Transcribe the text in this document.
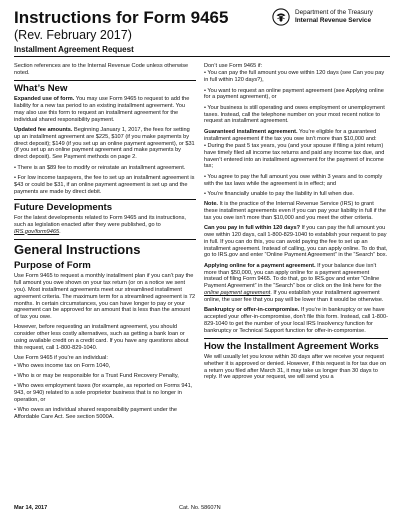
Instructions for Form 9465
(Rev. February 2017)
Installment Agreement Request
Department of the Treasury
Internal Revenue Service

Section references are to the Internal Revenue Code unless otherwise noted.

What’s New

Expanded use of form. You may use Form 9465 to request to add the liability for a new tax period to an existing installment agreement. You may also use this form to request an installment agreement for the individual shared responsibility payment.

Updated fee amounts. Beginning January 1, 2017, the fees for setting up an installment agreement are $225, $107 (if you make payments by direct deposit); $149 (if you set up an online payment agreement), or $31 (if you set up an online payment agreement and make payments by direct deposit). See Payment methods on page 2.

• There is an $89 fee to modify or reinstate an installment agreement.

• For low income taxpayers, the fee to set up an installment agreement is $43 or could be $31, if an online payment agreement is set up and the payments are made by direct debit.

Future Developments

For the latest developments related to Form 9465 and its instructions, such as legislation enacted after they were published, go to IRS.gov/form9465.

General Instructions
Purpose of Form

Use Form 9465 to request a monthly installment plan if you can’t pay the full amount you owe shown on your tax return (or on a notice we sent you). Most installment agreements meet our streamlined installment agreement criteria. The maximum term for a streamlined agreement is 72 months. In certain circumstances, you can have longer to pay or your agreement can be approved for an amount that is less than the amount of tax you owe.

However, before requesting an installment agreement, you should consider other less costly alternatives, such as getting a bank loan or using available credit on a credit card. If you have any questions about this request, call 1-800-829-1040.

Use Form 9465 if you’re an individual:

• Who owes income tax on Form 1040,

• Who is or may be responsible for a Trust Fund Recovery Penalty,

• Who owes employment taxes (for example, as reported on Forms 941, 943, or 940) related to a sole proprietor business that is no longer in operation, or

• Who owes an individual shared responsibility payment under the Affordable Care Act. See section 5000A.

Don’t use Form 9465 if:

• You can pay the full amount you owe within 120 days (see Can you pay in full within 120 days?),

• You want to request an online payment agreement (see Applying online for a payment agreement), or

• Your business is still operating and owes employment or unemployment taxes. Instead, call the telephone number on your most recent notice to request an installment agreement.

Guaranteed installment agreement. You’re eligible for a guaranteed installment agreement if the tax you owe isn’t more than $10,000 and:

• During the past 5 tax years, you (and your spouse if filing a joint return) have timely filed all income tax returns and paid any income tax due, and haven’t entered into an installment agreement for the payment of income tax;

• You agree to pay the full amount you owe within 3 years and to comply with the tax laws while the agreement is in effect; and

• You’re financially unable to pay the liability in full when due.

Note. It is the practice of the Internal Revenue Service (IRS) to grant these installment agreements even if you can pay your liability in full if the tax you owe isn’t more than $10,000 and you meet the other criteria.

Can you pay in full within 120 days? If you can pay the full amount you owe within 120 days, call 1-800-829-1040 to establish your request to pay in full. If you can do this, you can avoid paying the fee to set up an installment agreement. Instead of calling, you can apply online. To do that, go to IRS.gov and enter “Online Payment Agreement” in the “Search” box.

Applying online for a payment agreement. If your balance due isn’t more than $50,000, you can apply online for a payment agreement instead of filing Form 9465. To do that, go to IRS.gov and enter “Online Payment Agreement” in the “Search” box or click on the link here for the online payment agreement. If you establish your installment agreement online, the user fee that you pay will be lower than it would be otherwise.

Bankruptcy or offer-in-compromise. If you’re in bankruptcy or we have accepted your offer-in-compromise, don’t file this form. Instead, call 1-800-829-1040 to get the number of your local IRS Insolvency function for bankruptcy or Technical Support function for offer-in-compromise.

How the Installment Agreement Works

We will usually let you know within 30 days after we receive your request whether it is approved or denied. However, if this request is for tax due on a return you filed after March 31, it may take us longer than 30 days to reply. If we approve your request, we will send you a

Mar 14, 2017	Cat. No. 58607N
